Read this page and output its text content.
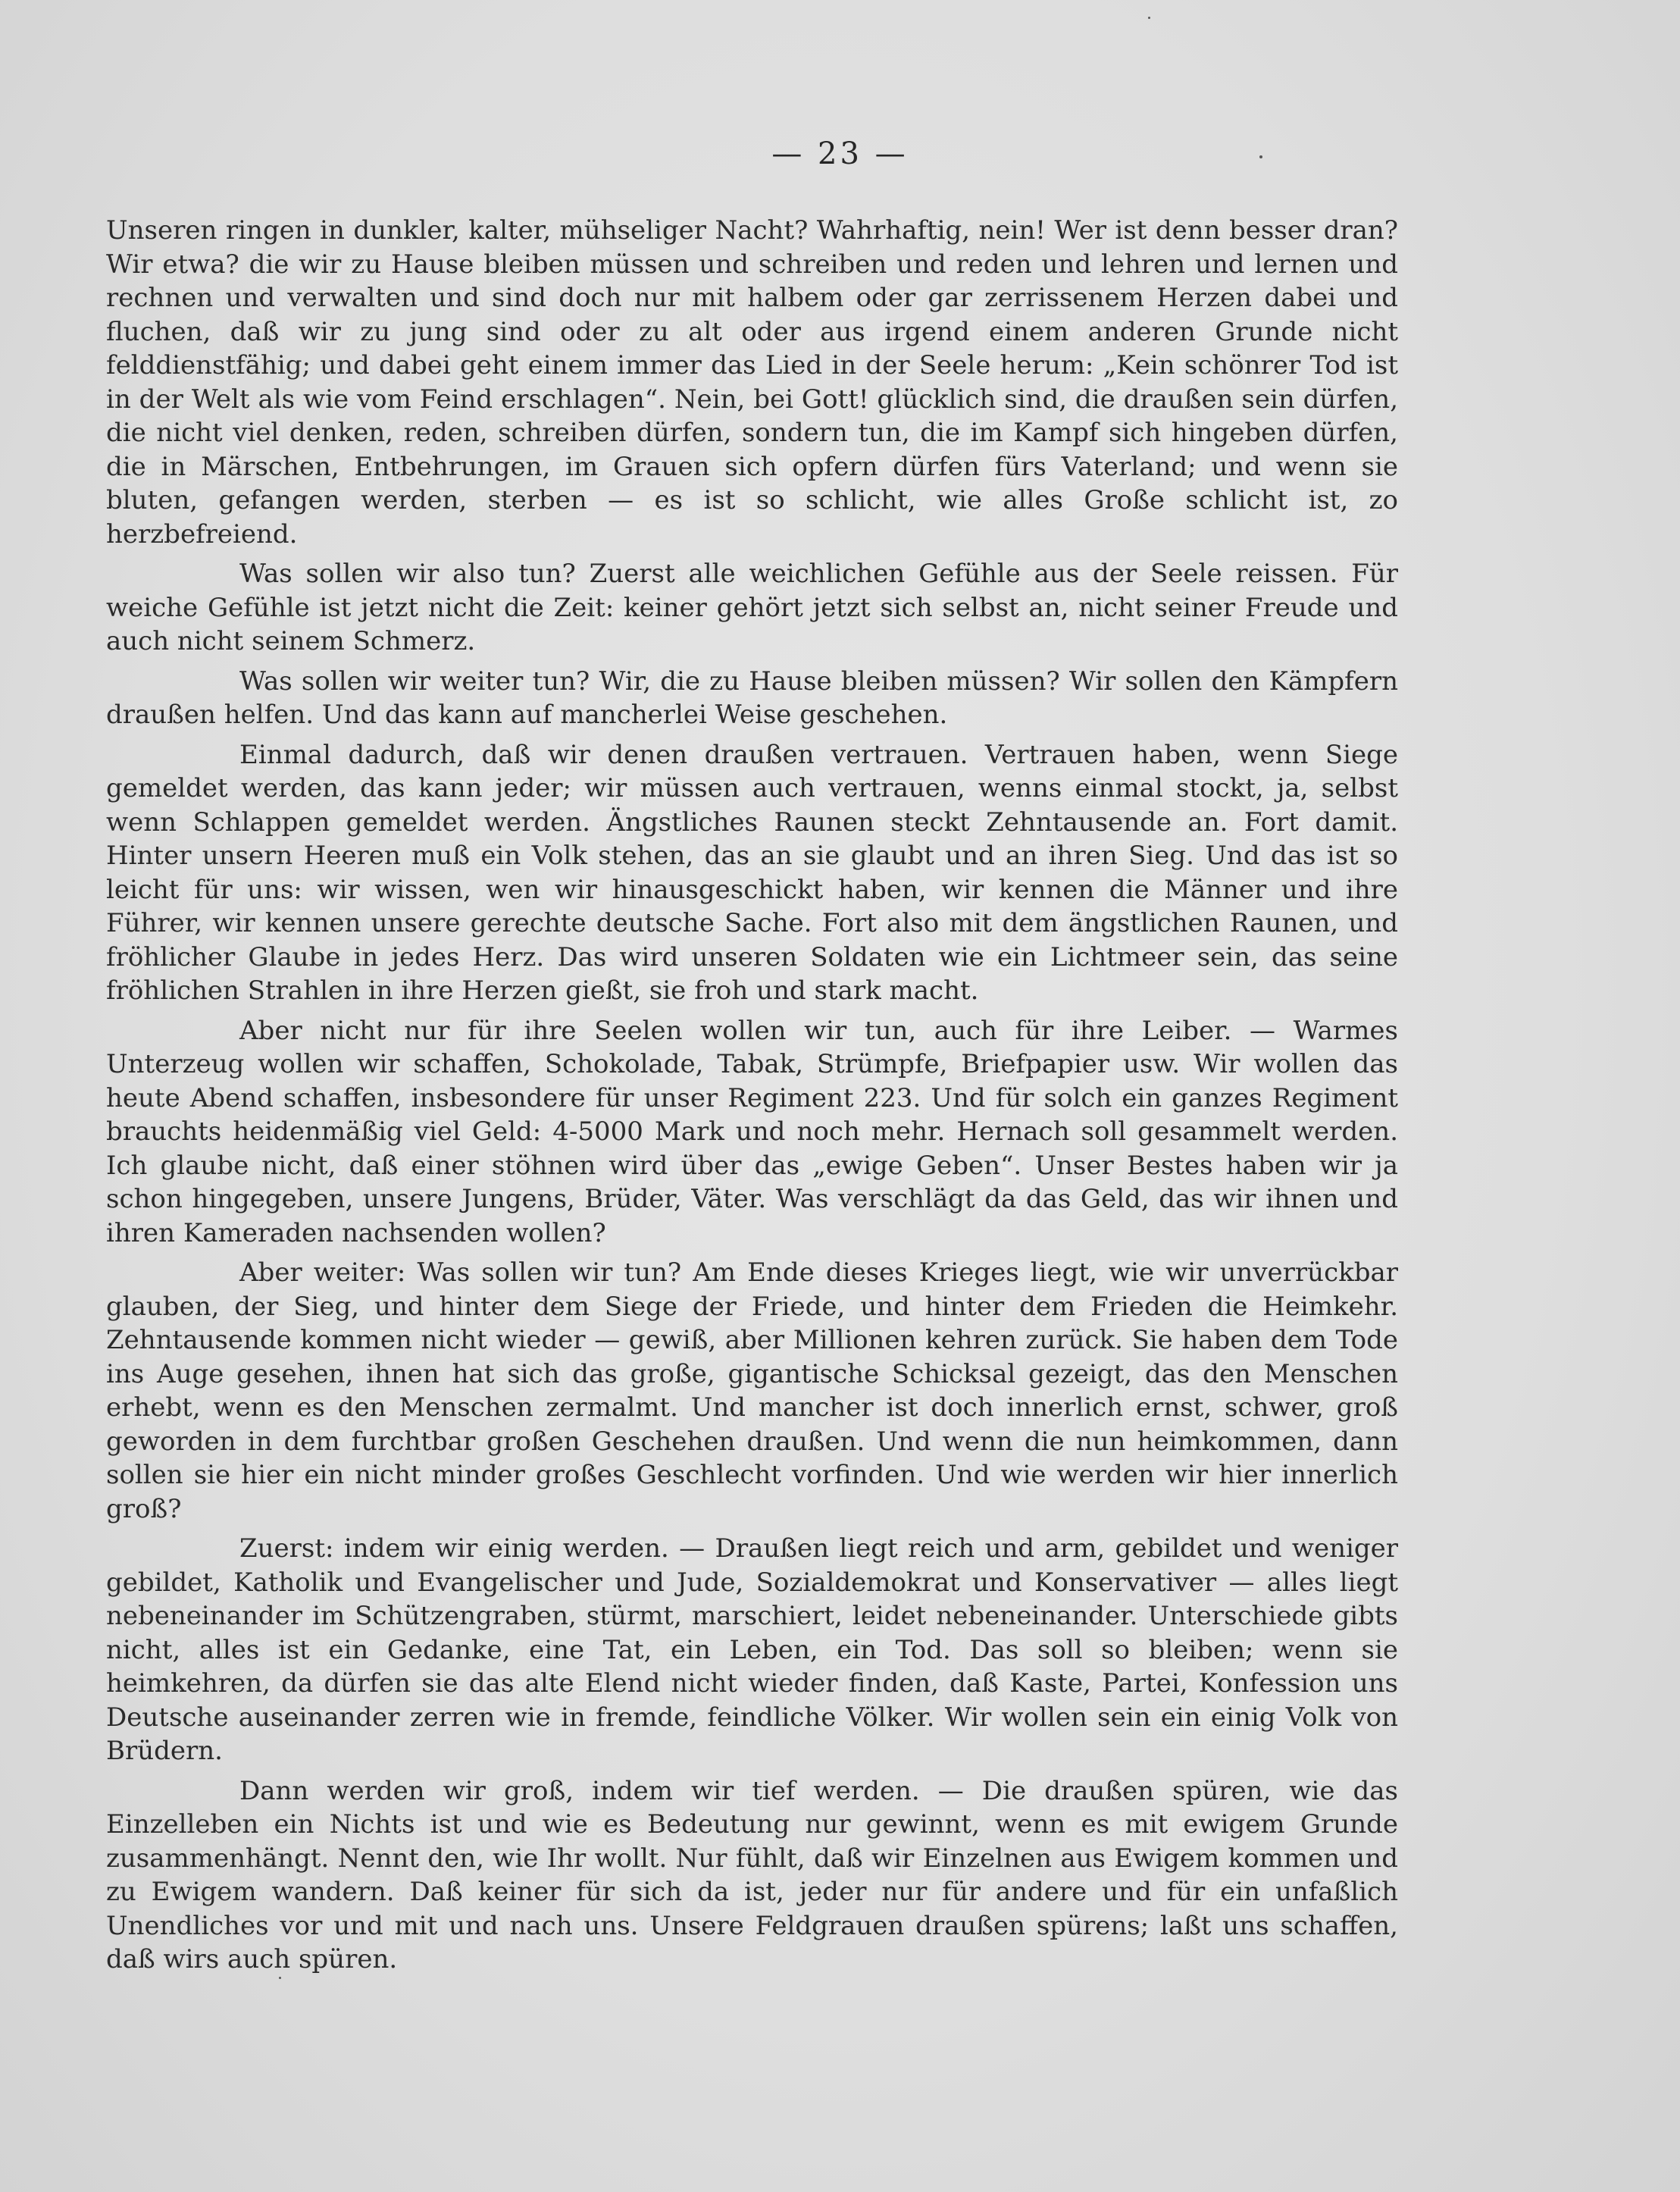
— 23 —

Unseren ringen in dunkler, kalter, mühseliger Nacht? Wahrhaftig, nein! Wer ist denn besser dran? Wir etwa? die wir zu Hause bleiben müssen und schreiben und reden und lehren und lernen und rechnen und verwalten und sind doch nur mit halbem oder gar zerrissenem Herzen dabei und fluchen, daß wir zu jung sind oder zu alt oder aus irgend einem anderen Grunde nicht felddienstfähig; und dabei geht einem immer das Lied in der Seele herum: „Kein schönrer Tod ist in der Welt als wie vom Feind erschlagen“. Nein, bei Gott! glücklich sind, die draußen sein dürfen, die nicht viel denken, reden, schreiben dürfen, sondern tun, die im Kampf sich hingeben dürfen, die in Märschen, Entbehrungen, im Grauen sich opfern dürfen fürs Vaterland; und wenn sie bluten, gefangen werden, sterben — es ist so schlicht, wie alles Große schlicht ist, zo herzbefreiend.

Was sollen wir also tun? Zuerst alle weichlichen Gefühle aus der Seele reissen. Für weiche Gefühle ist jetzt nicht die Zeit: keiner gehört jetzt sich selbst an, nicht seiner Freude und auch nicht seinem Schmerz.

Was sollen wir weiter tun? Wir, die zu Hause bleiben müssen? Wir sollen den Kämpfern draußen helfen. Und das kann auf mancherlei Weise geschehen.

Einmal dadurch, daß wir denen draußen vertrauen. Vertrauen haben, wenn Siege gemeldet werden, das kann jeder; wir müssen auch vertrauen, wenns einmal stockt, ja, selbst wenn Schlappen gemeldet werden. Ängstliches Raunen steckt Zehntausende an. Fort damit. Hinter unsern Heeren muß ein Volk stehen, das an sie glaubt und an ihren Sieg. Und das ist so leicht für uns: wir wissen, wen wir hinausgeschickt haben, wir kennen die Männer und ihre Führer, wir kennen unsere gerechte deutsche Sache. Fort also mit dem ängstlichen Raunen, und fröhlicher Glaube in jedes Herz. Das wird unseren Soldaten wie ein Lichtmeer sein, das seine fröhlichen Strahlen in ihre Herzen gießt, sie froh und stark macht.

Aber nicht nur für ihre Seelen wollen wir tun, auch für ihre Leiber. — Warmes Unterzeug wollen wir schaffen, Schokolade, Tabak, Strümpfe, Briefpapier usw. Wir wollen das heute Abend schaffen, insbesondere für unser Regiment 223. Und für solch ein ganzes Regiment brauchts heidenmäßig viel Geld: 4-5000 Mark und noch mehr. Hernach soll gesammelt werden. Ich glaube nicht, daß einer stöhnen wird über das „ewige Geben“. Unser Bestes haben wir ja schon hingegeben, unsere Jungens, Brüder, Väter. Was verschlägt da das Geld, das wir ihnen und ihren Kameraden nachsenden wollen?

Aber weiter: Was sollen wir tun? Am Ende dieses Krieges liegt, wie wir unverrückbar glauben, der Sieg, und hinter dem Siege der Friede, und hinter dem Frieden die Heimkehr. Zehntausende kommen nicht wieder — gewiß, aber Millionen kehren zurück. Sie haben dem Tode ins Auge gesehen, ihnen hat sich das große, gigantische Schicksal gezeigt, das den Menschen erhebt, wenn es den Menschen zermalmt. Und mancher ist doch innerlich ernst, schwer, groß geworden in dem furchtbar großen Geschehen draußen. Und wenn die nun heimkommen, dann sollen sie hier ein nicht minder großes Geschlecht vorfinden. Und wie werden wir hier innerlich groß?

Zuerst: indem wir einig werden. — Draußen liegt reich und arm, gebildet und weniger gebildet, Katholik und Evangelischer und Jude, Sozialdemokrat und Konservativer — alles liegt nebeneinander im Schützengraben, stürmt, marschiert, leidet nebeneinander. Unterschiede gibts nicht, alles ist ein Gedanke, eine Tat, ein Leben, ein Tod. Das soll so bleiben; wenn sie heimkehren, da dürfen sie das alte Elend nicht wieder finden, daß Kaste, Partei, Konfession uns Deutsche auseinander zerren wie in fremde, feindliche Völker. Wir wollen sein ein einig Volk von Brüdern.

Dann werden wir groß, indem wir tief werden. — Die draußen spüren, wie das Einzelleben ein Nichts ist und wie es Bedeutung nur gewinnt, wenn es mit ewigem Grunde zusammenhängt. Nennt den, wie Ihr wollt. Nur fühlt, daß wir Einzelnen aus Ewigem kommen und zu Ewigem wandern. Daß keiner für sich da ist, jeder nur für andere und für ein unfaßlich Unendliches vor und mit und nach uns. Unsere Feldgrauen draußen spürens; laßt uns schaffen, daß wirs auch spüren.
